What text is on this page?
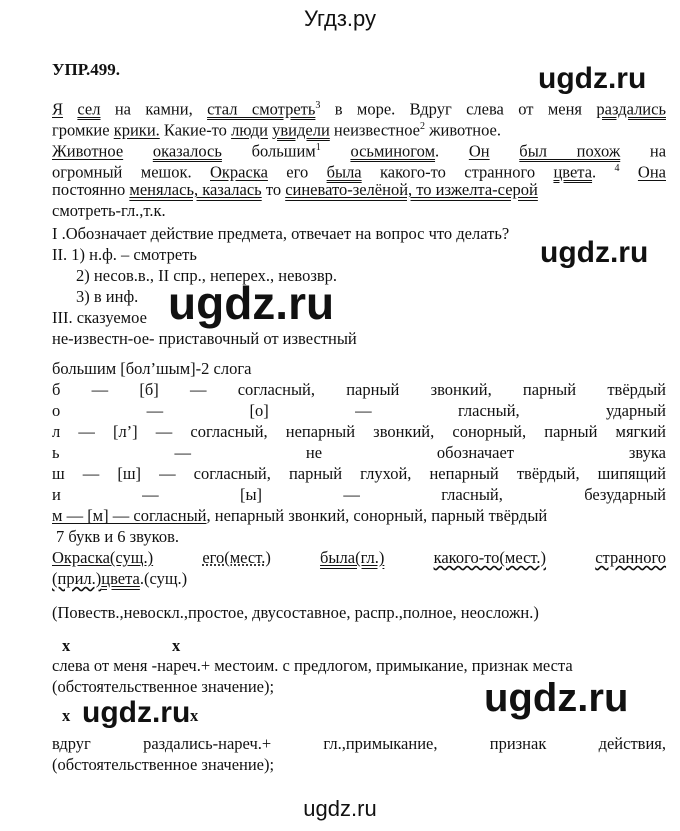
Угдз.ру
УПР.499.	ugdz.ru
ugdz.ru
ugdz.ru
ugdz.ru
ugdz.ru
Я сел на камни, стал смотреть$^3$ в море. Вдруг слева от меня раздались
громкие крики. Какие-то люди увидели неизвестное$^2$ животное.
Животное оказалось большим$^1$ осьминогом. Он был похож на
огромный мешок. Окраска его была какого-то странного цвета. $^4$ Она
постоянно менялась, казалась то синевато-зелёной, то изжелта-серой
смотреть-гл.,т.к.
I .Обозначает действие предмета, отвечает на вопрос что делать?
II. 1) н.ф. – смотреть
2) несов.в., II спр., неперех., невозвр.
3) в инф.
III. сказуемое
не-известн-ое- приставочный от известный
большим [бол’шым]-2 слога
б — [б] — согласный, парный звонкий, парный твёрдый
о — [о] — гласный, ударный
л — [л’] — согласный, непарный звонкий, сонорный, парный мягкий
ь — не обозначает звука
ш — [ш] — согласный, парный глухой, непарный твёрдый, шипящий
и — [ы] — гласный, безударный
м — [м] — согласный, непарный звонкий, сонорный, парный твёрдый
7 букв и 6 звуков.
Окраска(сущ.)	его(мест.)	была(гл.)	какого-то(мест.)	странного
(прил.)цвета.(сущ.)
(Повеств.,невоскл.,простое, двусоставное, распр.,полное, неосложн.)
x	x
слева от меня -нареч.+ местоим. с предлогом, примыкание, признак места
(обстоятельственное значение);
x	x
вдруг раздались-нареч.+ гл.,примыкание, признак действия,
(обстоятельственное значение);
ugdz.ru
